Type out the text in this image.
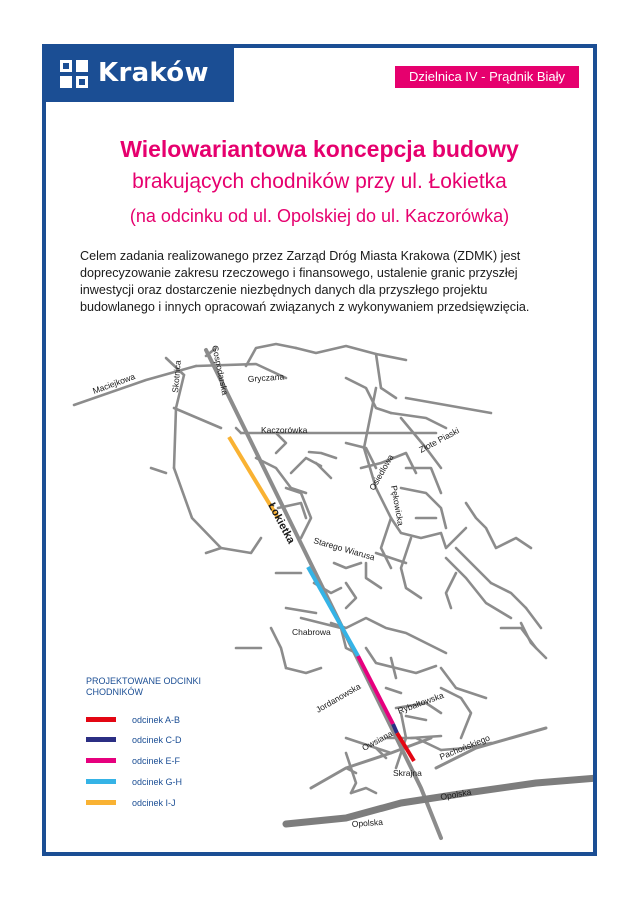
Kraków	Dzielnica IV - Prądnik Biały
Wielowariantowa koncepcja budowy
brakujących chodników przy ul. Łokietka
(na odcinku od ul. Opolskiej do ul. Kaczorówka)
Celem zadania realizowanego przez Zarząd Dróg Miasta Krakowa (ZDMK) jest doprecyzowanie zakresu rzeczowego i finansowego, ustalenie granic przyszłej inwestycji oraz dostarczenie niezbędnych danych dla przyszłego projektu budowlanego i innych opracowań związanych z wykonywaniem przedsięwzięcia.
Maciejkowa	Gospodarska Gryczana
Skotnica
Kaczorówka	Złote Piaski
Osiedlowa
Pękowicka
Łokietka
Starego Wiarusa
Chabrowa
Jordanowska	Rybałtowska
Owsiana	Pachońskiego
Skrajna
Opolska
Opolska
PROJEKTOWANE ODCINKI CHODNIKÓW
odcinek A-B
odcinek C-D
odcinek E-F
odcinek G-H
odcinek I-J
